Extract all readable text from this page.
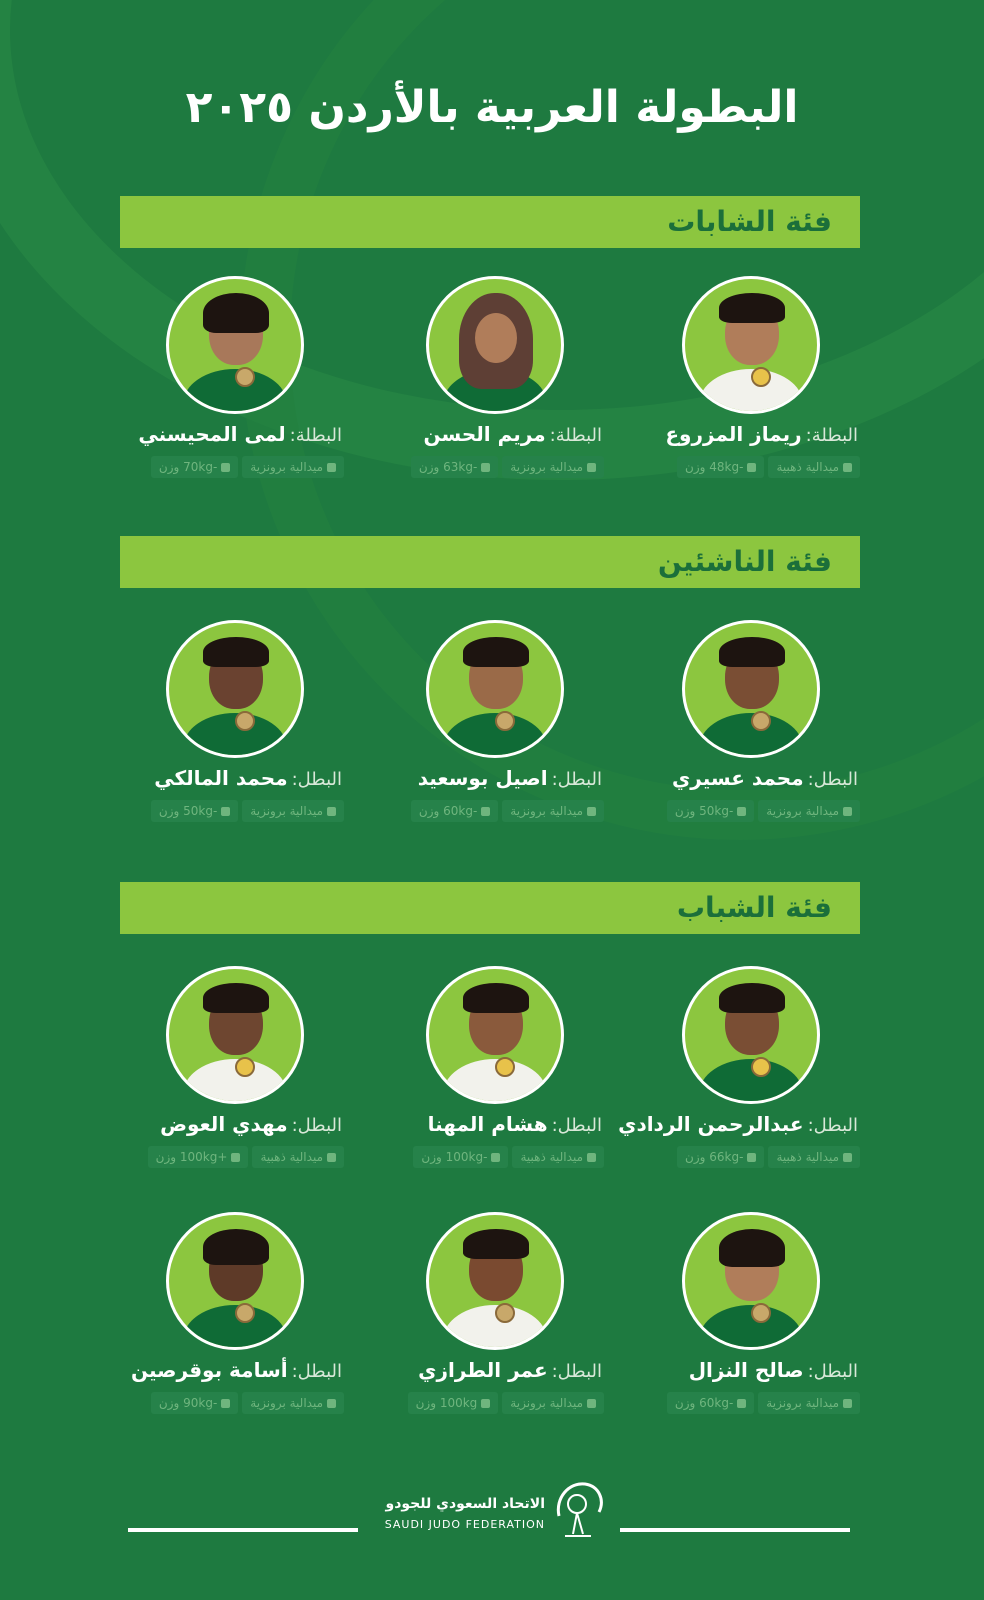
البطولة العربية بالأردن ٢٠٢٥
فئة الشابات
البطلة:ريماز المزروع
ميدالية ذهبية
-48kg وزن
البطلة:مريم الحسن
ميدالية برونزية
-63kg وزن
البطلة:لمى المحيسني
ميدالية برونزية
-70kg وزن
فئة الناشئين
البطل:محمد عسيري
ميدالية برونزية
-50kg وزن
البطل:اصيل بوسعيد
ميدالية برونزية
-60kg وزن
البطل:محمد المالكي
ميدالية برونزية
-50kg وزن
فئة الشباب
البطل:عبدالرحمن الردادي
ميدالية ذهبية
-66kg وزن
البطل:هشام المهنا
ميدالية ذهبية
-100kg وزن
البطل:مهدي العوض
ميدالية ذهبية
+100kg وزن
البطل:صالح النزال
ميدالية برونزية
-60kg وزن
البطل:عمر الطرازي
ميدالية برونزية
100kg وزن
البطل:أسامة بوقرصين
ميدالية برونزية
-90kg وزن
الاتحاد السعودي للجودو
SAUDI JUDO FEDERATION
